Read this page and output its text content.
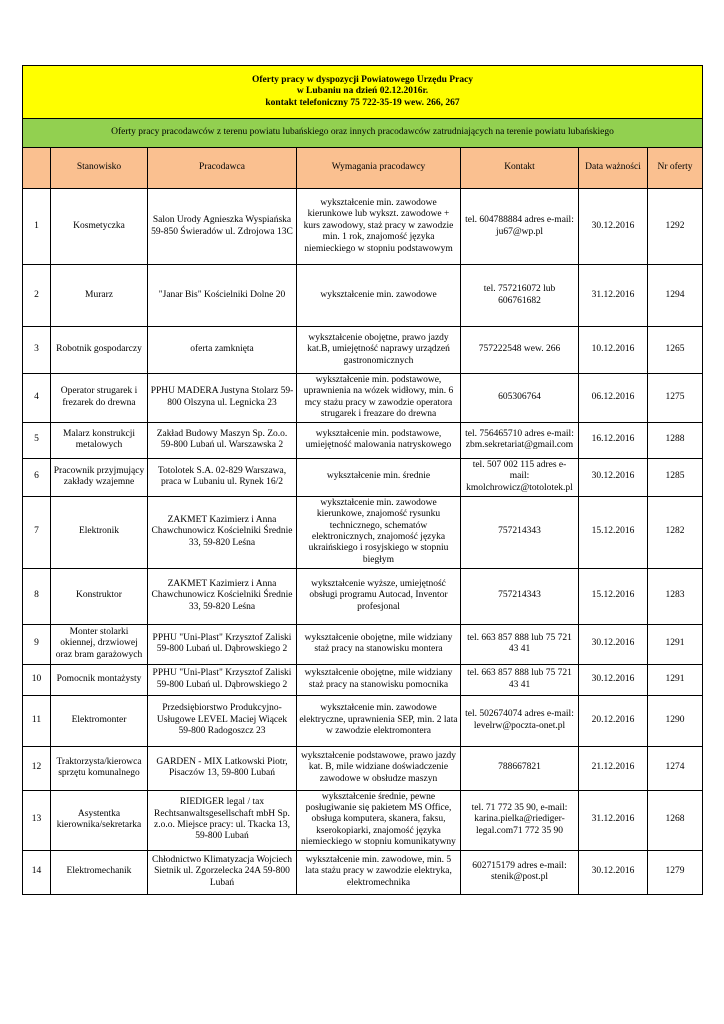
Oferty pracy w dyspozycji Powiatowego Urzędu Pracy
w Lubaniu na dzień 02.12.2016r.
kontakt telefoniczny 75 722-35-19 wew. 266, 267						

Oferty pracy pracodawców z terenu powiatu lubańskiego oraz innych pracodawców zatrudniających na terenie powiatu lubańskiego						
	Stanowisko	Pracodawca	Wymagania pracodawcy	Kontakt	Data ważności	Nr oferty
1	Kosmetyczka	Salon Urody Agnieszka Wyspiańska 59-850 Świeradów ul. Zdrojowa 13C	wykształcenie min. zawodowe kierunkowe lub wykszt. zawodowe + kurs zawodowy, staż pracy w zawodzie min. 1 rok, znajomość języka niemieckiego w stopniu podstawowym	tel. 604788884 adres e-mail: ju67@wp.pl	30.12.2016	1292
2	Murarz	"Janar Bis" Kościelniki Dolne 20	wykształcenie min. zawodowe	tel. 757216072 lub 606761682	31.12.2016	1294
3	Robotnik gospodarczy	oferta zamknięta	wykształcenie obojętne, prawo jazdy kat.B, umiejętność naprawy urządzeń gastronomicznych	757222548 wew. 266	10.12.2016	1265
4	Operator strugarek i frezarek do drewna	PPHU MADERA Justyna Stolarz 59-800 Olszyna ul. Legnicka 23	wykształcenie min. podstawowe, uprawnienia na wózek widłowy, min. 6 mcy stażu pracy w zawodzie operatora strugarek i freazare do drewna	605306764	06.12.2016	1275
5	Malarz konstrukcji metalowych	Zakład Budowy Maszyn Sp. Zo.o. 59-800 Lubań ul. Warszawska 2	wykształcenie min. podstawowe, umiejętność malowania natryskowego	tel. 756465710 adres e-mail: zbm.sekretariat@gmail.com	16.12.2016	1288
6	Pracownik przyjmujący zakłady wzajemne	Totolotek S.A. 02-829 Warszawa, praca w Lubaniu ul. Rynek 16/2	wykształcenie min. średnie	tel. 507 002 115 adres e-mail: kmolchrowicz@totolotek.pl	30.12.2016	1285
7	Elektronik	ZAKMET Kazimierz i Anna Chawchunowicz Kościelniki Średnie 33, 59-820 Leśna	wykształcenie min. zawodowe kierunkowe, znajomość rysunku technicznego, schematów elektronicznych, znajomość języka ukraińskiego i rosyjskiego w stopniu biegłym	757214343	15.12.2016	1282
8	Konstruktor	ZAKMET Kazimierz i Anna Chawchunowicz Kościelniki Średnie 33, 59-820 Leśna	wykształcenie wyższe, umiejętność obsługi programu Autocad, Inventor profesjonal	757214343	15.12.2016	1283
9	Monter stolarki okiennej, drzwiowej oraz bram garażowych	PPHU "Uni-Plast" Krzysztof Zaliski 59-800 Lubań ul. Dąbrowskiego 2	wykształcenie obojętne, mile widziany staż pracy na stanowisku montera	tel. 663 857 888 lub 75 721 43 41	30.12.2016	1291
10	Pomocnik montażysty	PPHU "Uni-Plast" Krzysztof Zaliski 59-800 Lubań ul. Dąbrowskiego 2	wykształcenie obojętne, mile widziany staż pracy na stanowisku pomocnika	tel. 663 857 888 lub 75 721 43 41	30.12.2016	1291
11	Elektromonter	Przedsiębiorstwo Produkcyjno-Usługowe LEVEL Maciej Wiącek 59-800 Radogoszcz 23	wykształcenie min. zawodowe elektryczne, uprawnienia SEP, min. 2 lata w zawodzie elektromontera	tel. 502674074 adres e-mail: levelrw@poczta-onet.pl	20.12.2016	1290
12	Traktorzysta/kierowca sprzętu komunalnego	GARDEN - MIX Latkowski Piotr, Pisaczów 13, 59-800 Lubań	wykształcenie podstawowe, prawo jazdy kat. B, mile widziane doświadczenie zawodowe w obsłudze maszyn	788667821	21.12.2016	1274
13	Asystentka kierownika/sekretarka	RIEDIGER legal / tax Rechtsanwaltsgesellschaft mbH Sp. z.o.o. Miejsce pracy: ul. Tkacka 13, 59-800 Lubań	wykształcenie średnie, pewne posługiwanie się pakietem MS Office, obsługa komputera, skanera, faksu, kserokopiarki, znajomość języka niemieckiego w stopniu komunikatywny	tel. 71 772 35 90, e-mail: karina.pielka@riediger-legal.com71 772 35 90	31.12.2016	1268
14	Elektromechanik	Chłodnictwo Klimatyzacja Wojciech Sietnik ul. Zgorzelecka 24A 59-800 Lubań	wykształcenie min. zawodowe, min. 5 lata stażu pracy w zawodzie elektryka, elektromechnika	602715179 adres e-mail: stenik@post.pl	30.12.2016	1279
